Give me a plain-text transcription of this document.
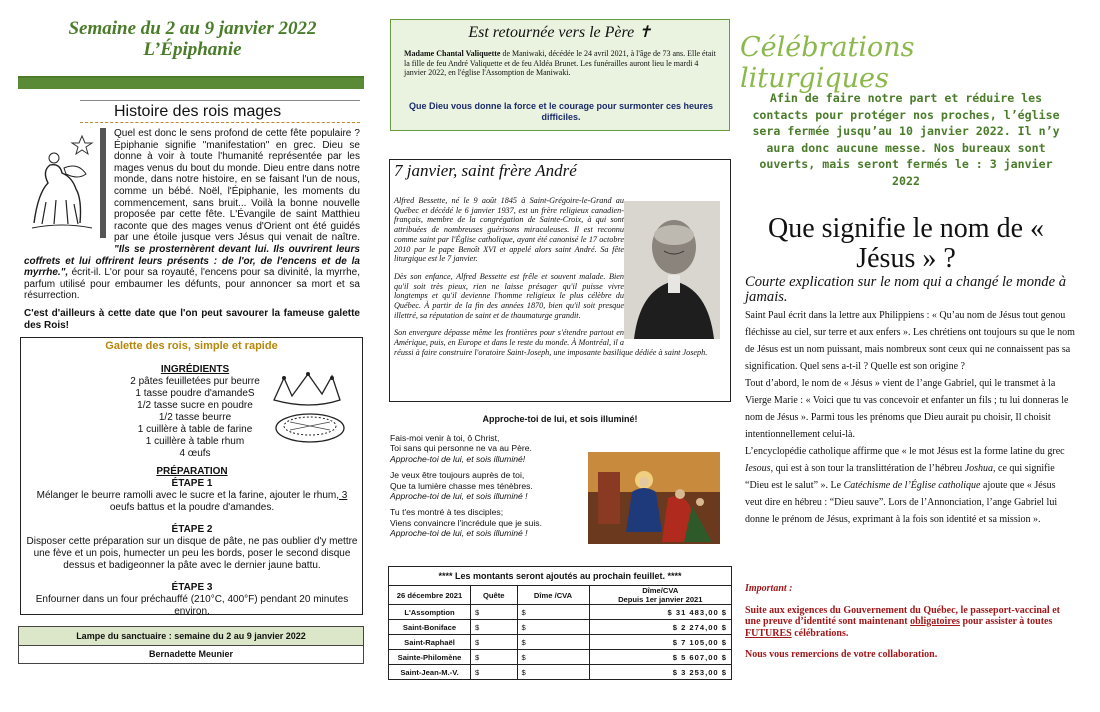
Semaine du 2 au 9 janvier 2022
L’Épiphanie
Histoire des rois mages
Quel est donc le sens profond de cette fête populaire ? Épiphanie signifie "manifestation" en grec. Dieu se donne à voir à toute l'humanité représentée par les mages venus du bout du monde. Dieu entre dans notre monde, dans notre histoire, en se faisant l'un de nous, comme un bébé. Noël, l'Épiphanie, les moments du commencement, sans bruit... Voilà la bonne nouvelle proposée par cette fête. L'Évangile de saint Matthieu raconte que des mages venus d'Orient ont été guidés par une étoile jusque vers Jésus qui venait de naître. "Ils se prosternèrent devant lui. Ils ouvrirent leurs coffrets et lui offrirent leurs présents : de l'or, de l'encens et de la myrrhe.", écrit-il. L'or pour sa royauté, l'encens pour sa divinité, la myrrhe, parfum utilisé pour embaumer les défunts, pour annoncer sa mort et sa résurrection.
C'est d'ailleurs à cette date que l'on peut savourer la fameuse galette des Rois!
Galette des rois, simple et rapide
INGRÉDIENTS
2 pâtes feuilletées pur beurre
1 tasse poudre d'amandeS
1/2 tasse sucre en poudre
1/2 tasse beurre
1 cuillère à table de farine
1 cuillère à table rhum
4 œufs
PRÉPARATION
ÉTAPE 1
Mélanger le beurre ramolli avec le sucre et la farine, ajouter le rhum, 3 oeufs battus et la poudre d'amandes.
ÉTAPE 2
Disposer cette préparation sur un disque de pâte, ne pas oublier d'y mettre une fève et un pois, humecter un peu les bords, poser le second disque dessus et badigeonner la pâte avec le dernier jaune battu.
ÉTAPE 3
Enfourner dans un four préchauffé (210°C, 400°F) pendant 20 minutes environ.
Lampe du sanctuaire : semaine du 2 au 9 janvier 2022
Bernadette Meunier
Est retournée vers le Père ✝
Madame Chantal Valiquette de Maniwaki, décédée le 24 avril 2021, à l'âge de 73 ans. Elle était la fille de feu André Valiquette et de feu Aldéa Brunet. Les funérailles auront lieu le mardi 4 janvier 2022, en l'église l'Assomption de Maniwaki.
Que Dieu vous donne la force et le courage pour surmonter ces heures difficiles.
7 janvier, saint frère André

Alfred Bessette, né le 9 août 1845 à Saint-Grégoire-le-Grand au Québec et décédé le 6 janvier 1937, est un frère religieux canadien-français, membre de la congrégation de Sainte-Croix, à qui sont attribuées de nombreuses guérisons miraculeuses. Il est reconnu comme saint par l'Église catholique, ayant été canonisé le 17 octobre 2010 par le pape Benoît XVI et appelé alors saint André. Sa fête liturgique est le 7 janvier.

Dès son enfance, Alfred Bessette est frêle et souvent malade. Bien qu'il soit très pieux, rien ne laisse présager qu'il puisse vivre longtemps et qu'il devienne l'homme religieux le plus célèbre du Québec. À partir de la fin des années 1870, bien qu'il soit presque illettré, sa réputation de saint et de thaumaturge grandit.

Son envergure dépasse même les frontières pour s'étendre partout en Amérique, puis, en Europe et dans le reste du monde. À Montréal, il a réussi à faire construire l'oratoire Saint-Joseph, une imposante basilique dédiée à saint Joseph.

Approche-toi de lui, et sois illuminé!
Fais-moi venir à toi, ô Christ,
Toi sans qui personne ne va au Père.
Approche-toi de lui, et sois illuminé!
Je veux être toujours auprès de toi,
Que ta lumière chasse mes ténèbres.
Approche-toi de lui, et sois illuminé !
Tu t'es montré à tes disciples;
Viens convaincre l'incrédule que je suis.
Approche-toi de lui, et sois illuminé !
**** Les montants seront ajoutés au prochain feuillet. ****
26 décembre 2021	Quête	Dîme /CVA	Dîme/CVA
Depuis 1er janvier 2021

L'Assomption	$	$	$ 31 483,00 $
Saint-Boniface	$	$	$ 2 274,00 $
Saint-Raphaël	$	$	$ 7 105,00 $
Sainte-Philomène	$	$	$ 5 607,00 $
Saint-Jean-M.-V.	$	$	$ 3 253,00 $
Célébrations liturgiques
Afin de faire notre part et réduire les contacts pour protéger nos proches, l’église sera fermée jusqu’au 10 janvier 2022. Il n’y aura donc aucune messe. Nos bureaux sont ouverts, mais seront fermés le : 3 janvier 2022
Que signifie le nom de « Jésus » ?
Courte explication sur le nom qui a changé le monde à jamais.

Saint Paul écrit dans la lettre aux Philippiens : « Qu’au nom de Jésus tout genou fléchisse au ciel, sur terre et aux enfers ». Les chrétiens ont toujours su que le nom de Jésus est un nom puissant, mais nombreux sont ceux qui ne connaissent pas sa signification. Quel sens a-t-il ? Quelle est son origine ?

Tout d’abord, le nom de « Jésus » vient de l’ange Gabriel, qui le transmet à la Vierge Marie : « Voici que tu vas concevoir et enfanter un fils ; tu lui donneras le nom de Jésus ». Parmi tous les prénoms que Dieu aurait pu choisir, Il choisit intentionnellement celui-là.

L’encyclopédie catholique affirme que « le mot Jésus est la forme latine du grec Iesous, qui est à son tour la translittération de l’hébreu Joshua, ce qui signifie “Dieu est le salut” ». Le Catéchisme de l’Église catholique ajoute que « Jésus veut dire en hébreu : “Dieu sauve”. Lors de l’Annonciation, l’ange Gabriel lui donne le prénom de Jésus, exprimant à la fois son identité et sa mission ».

Important :

Suite aux exigences du Gouvernement du Québec, le passeport-vaccinal et une preuve d’identité sont maintenant obligatoires pour assister à toutes FUTURES célébrations.

Nous vous remercions de votre collaboration.
